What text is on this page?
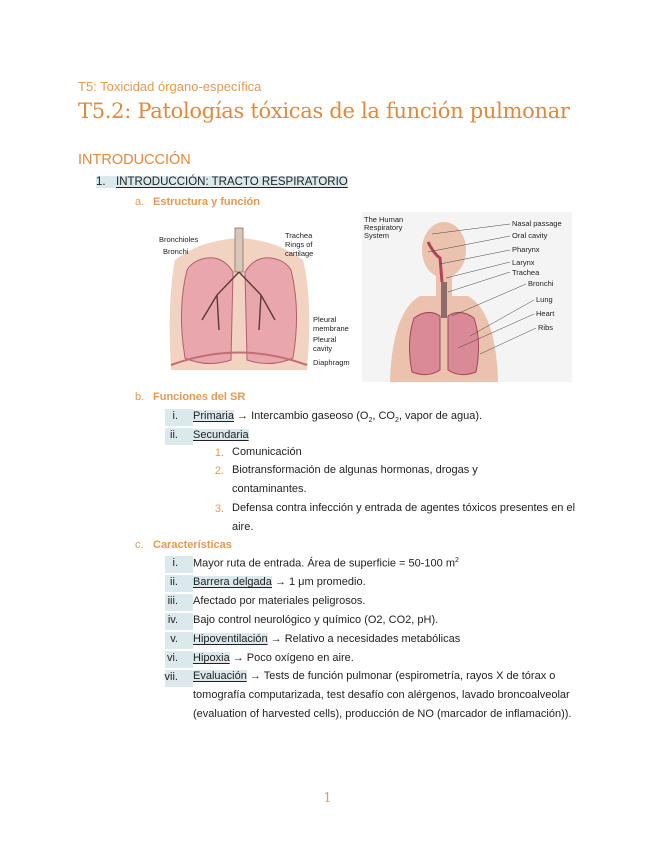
T5: Toxicidad órgano-específica
T5.2: Patologías tóxicas de la función pulmonar
INTRODUCCIÓN
1. INTRODUCCIÓN: TRACTO RESPIRATORIO
a. Estructura y función
Bronchioles
Bronchi
Trachea
Rings of
cartilage
Pleural
membrane
Pleural
cavity
Diaphragm
The Human
Respiratory
System
Nasal passage
Oral cavity
Pharynx
Larynx
Trachea
Bronchi
Lung
Heart
Ribs
b. Funciones del SR
i. Primaria → Intercambio gaseoso ($O_2$, $CO_2$, vapor de agua).
ii. Secundaria
1. Comunicación
2. Biotransformación de algunas hormonas, drogas y contaminantes.
3. Defensa contra infección y entrada de agentes tóxicos presentes en el aire.
c. Características
i. Mayor ruta de entrada. Área de superficie = 50-100 $m^2$
ii. Barrera delgada → 1 μm promedio.
iii. Afectado por materiales peligrosos.
iv. Bajo control neurológico y químico (O2, CO2, pH).
v. Hipoventilación → Relativo a necesidades metabólicas
vi. Hipoxia → Poco oxígeno en aire.
vii. Evaluación → Tests de función pulmonar (espirometría, rayos X de tórax o tomografía computarizada, test desafío con alérgenos, lavado broncoalveolar (evaluation of harvested cells), producción de NO (marcador de inflamación)).
1
